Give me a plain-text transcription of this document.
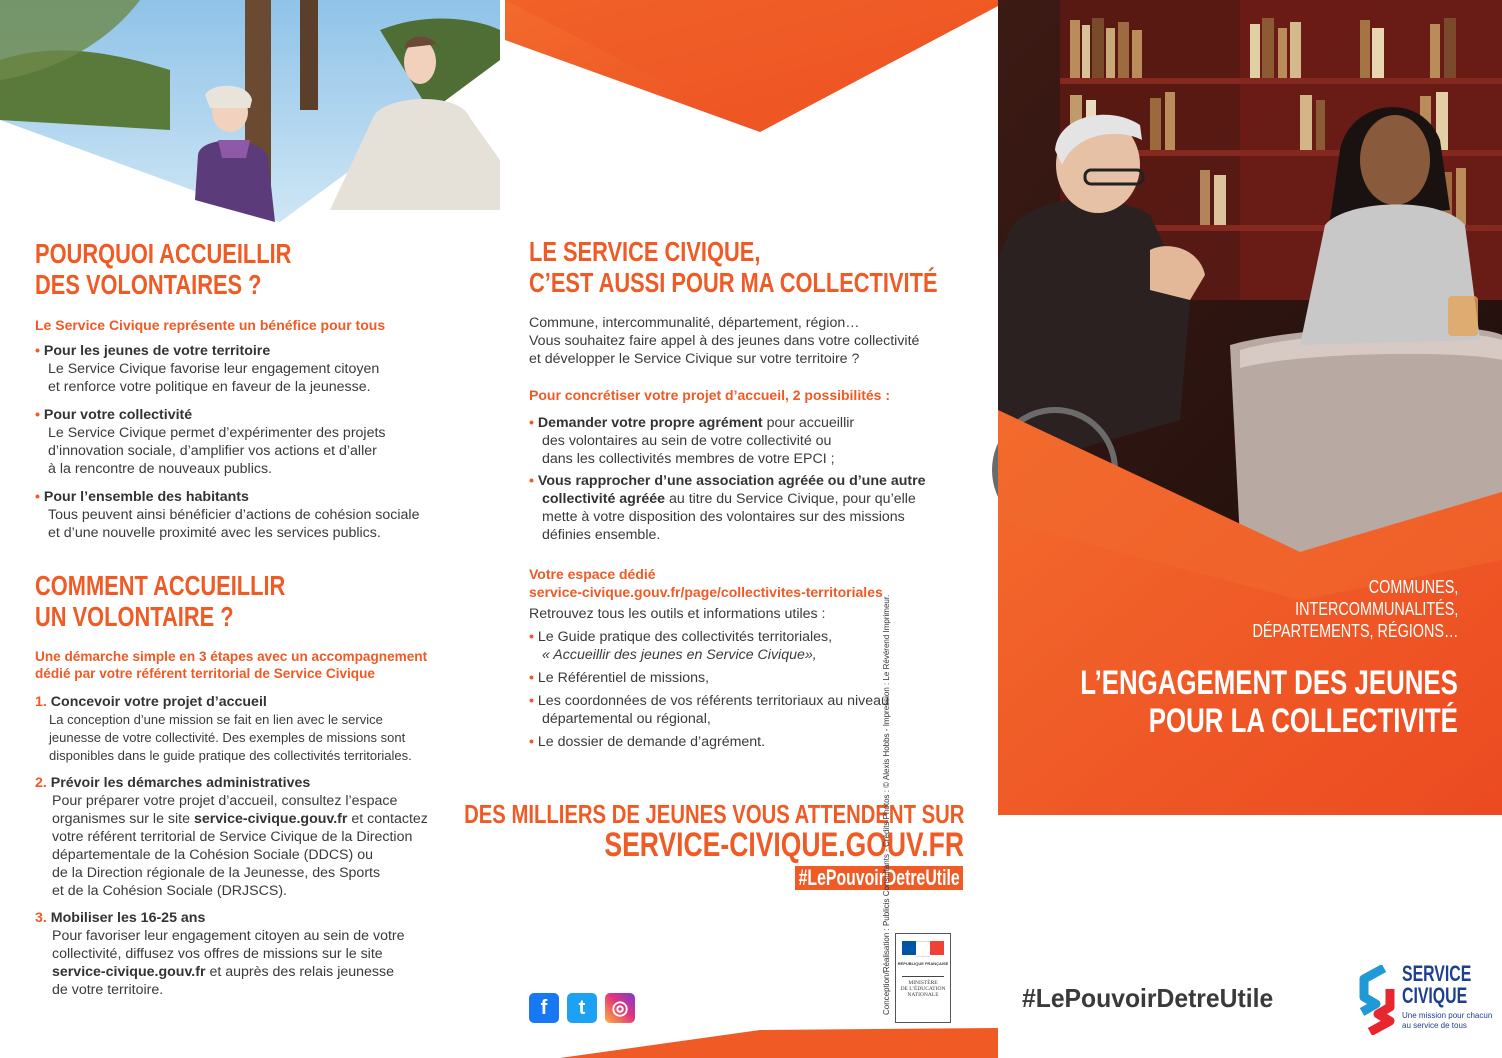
POURQUOI ACCUEILLIR
DES VOLONTAIRES ?
Le Service Civique représente un bénéfice pour tous
• Pour les jeunes de votre territoire
Le Service Civique favorise leur engagement citoyen
et renforce votre politique en faveur de la jeunesse.
• Pour votre collectivité
Le Service Civique permet d’expérimenter des projets
d’innovation sociale, d’amplifier vos actions et d’aller
à la rencontre de nouveaux publics.
• Pour l’ensemble des habitants
Tous peuvent ainsi bénéficier d’actions de cohésion sociale
et d’une nouvelle proximité avec les services publics.
COMMENT ACCUEILLIR
UN VOLONTAIRE ?
Une démarche simple en 3 étapes avec un accompagnement
dédié par votre référent territorial de Service Civique
1. Concevoir votre projet d’accueil
La conception d’une mission se fait en lien avec le service
jeunesse de votre collectivité. Des exemples de missions sont
disponibles dans le guide pratique des collectivités territoriales.
2. Prévoir les démarches administratives
Pour préparer votre projet d’accueil, consultez l’espace
organismes sur le site service-civique.gouv.fr et contactez
votre référent territorial de Service Civique de la Direction
départementale de la Cohésion Sociale (DDCS) ou
de la Direction régionale de la Jeunesse, des Sports
et de la Cohésion Sociale (DRJSCS).
3. Mobiliser les 16-25 ans
Pour favoriser leur engagement citoyen au sein de votre
collectivité, diffusez vos offres de missions sur le site
service-civique.gouv.fr et auprès des relais jeunesse
de votre territoire.
LE SERVICE CIVIQUE,
C’EST AUSSI POUR MA COLLECTIVITÉ
Commune, intercommunalité, département, région…
Vous souhaitez faire appel à des jeunes dans votre collectivité
et développer le Service Civique sur votre territoire ?
Pour concrétiser votre projet d’accueil, 2 possibilités :
• Demander votre propre agrément pour accueillir
des volontaires au sein de votre collectivité ou
dans les collectivités membres de votre EPCI ;
• Vous rapprocher d’une association agréée ou d’une autre
collectivité agréée au titre du Service Civique, pour qu’elle
mette à votre disposition des volontaires sur des missions
définies ensemble.
Votre espace dédié
service-civique.gouv.fr/page/collectivites-territoriales
Retrouvez tous les outils et informations utiles :
• Le Guide pratique des collectivités territoriales,
« Accueillir des jeunes en Service Civique»,
• Le Référentiel de missions,
• Les coordonnées de vos référents territoriaux au niveau
départemental ou régional,
• Le dossier de demande d’agrément.
DES MILLIERS DE JEUNES VOUS ATTENDENT SUR
SERVICE-CIVIQUE.GOUV.FR
#LePouvoirDetreUtile
f	t	◎
RÉPUBLIQUE FRANÇAISE
MINISTÈRE
DE L’ÉDUCATION
NATIONALE
Conception/Réalisation : Publicis Consultants - Crédits Photos : © Alexis Hobbs - Impression : Le Révérend Imprimeur.
COMMUNES,
INTERCOMMUNALITÉS,
DÉPARTEMENTS, RÉGIONS…
L’ENGAGEMENT DES JEUNES
POUR LA COLLECTIVITÉ
#LePouvoirDetreUtile
SERVICE
CIVIQUE
Une mission pour chacun
au service de tous
